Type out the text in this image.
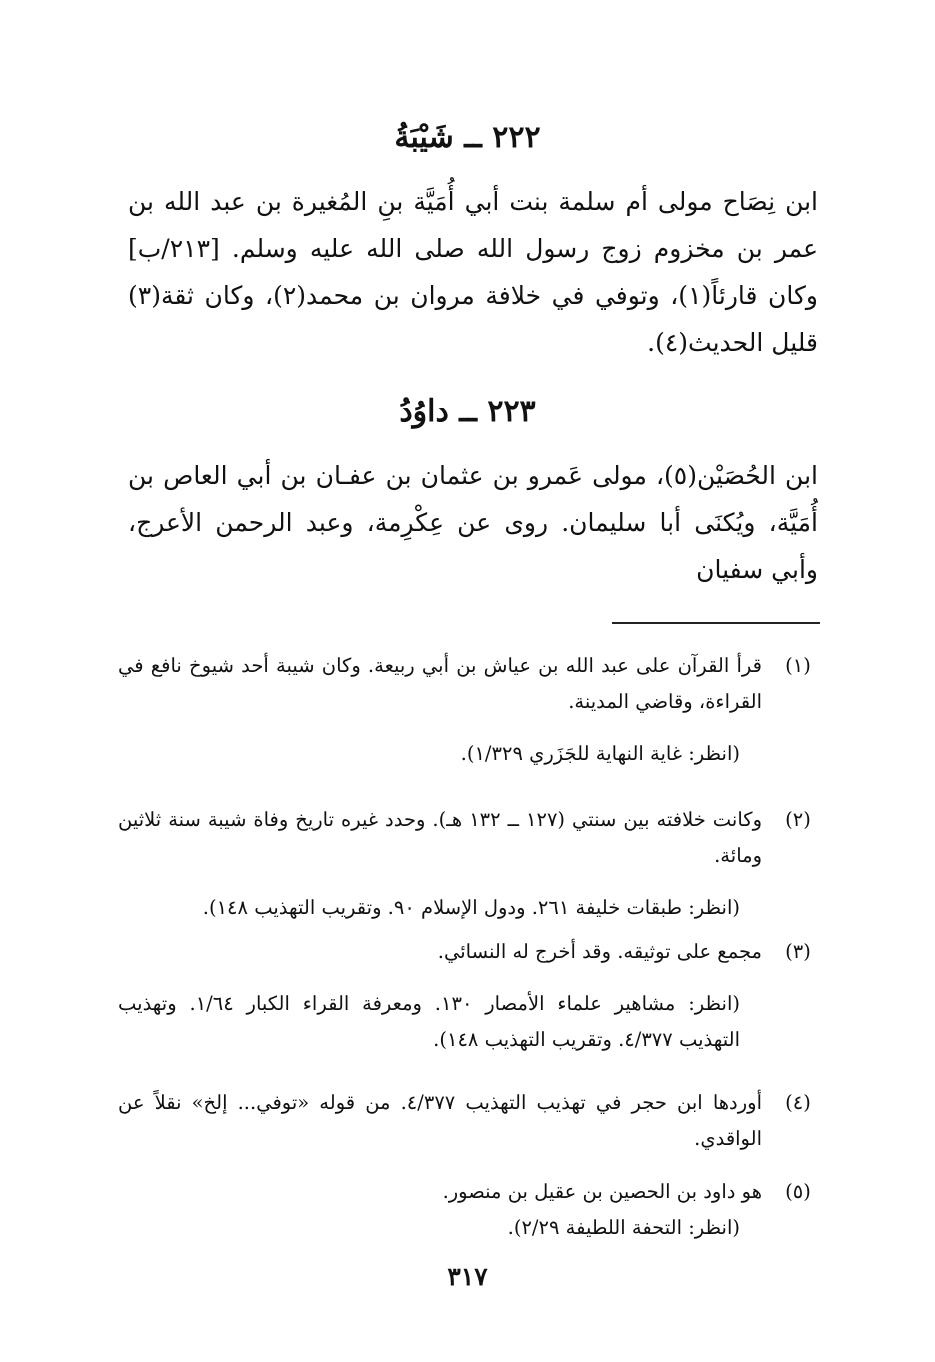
٢٢٢ ــ شَيْبَةُ

ابن نِصَاح مولى أم سلمة بنت أبي أُمَيَّة بنِ المُغيرة بن عبد الله بن عمر بن مخزوم زوج رسول الله صلى الله عليه وسلم. [٢١٣/ب] وكان قارئاً(١)، وتوفي في خلافة مروان بن محمد(٢)، وكان ثقة(٣) قليل الحديث(٤).

٢٢٣ ــ داوُدُ

ابن الحُصَيْن(٥)، مولى عَمرو بن عثمان بن عفـان بن أبي العاص بن أُمَيَّة، ويُكنَى أبا سليمان. روى عن عِكْرِمة، وعبد الرحمن الأعرج، وأبي سفيان

(١)
قرأ القرآن على عبد الله بن عياش بن أبي ربيعة. وكان شيبة أحد شيوخ نافع في القراءة، وقاضي المدينة.
(انظر: غاية النهاية للجَزَري ١/٣٢٩).
(٢)
وكانت خلافته بين سنتي (١٢٧ ــ ١٣٢ هـ). وحدد غيره تاريخ وفاة شيبة سنة ثلاثين ومائة.
(انظر: طبقات خليفة ٢٦١. ودول الإسلام ٩٠. وتقريب التهذيب ١٤٨).
(٣)
مجمع على توثيقه. وقد أخرج له النسائي.
(انظر: مشاهير علماء الأمصار ١٣٠. ومعرفة القراء الكبار ١/٦٤. وتهذيب التهذيب ٤/٣٧٧. وتقريب التهذيب ١٤٨).
(٤)
أوردها ابن حجر في تهذيب التهذيب ٤/٣٧٧. من قوله «توفي... إلخ» نقلاً عن الواقدي.
(٥)
هو داود بن الحصين بن عقيل بن منصور.
(انظر: التحفة اللطيفة ٢/٢٩).
٣١٧
